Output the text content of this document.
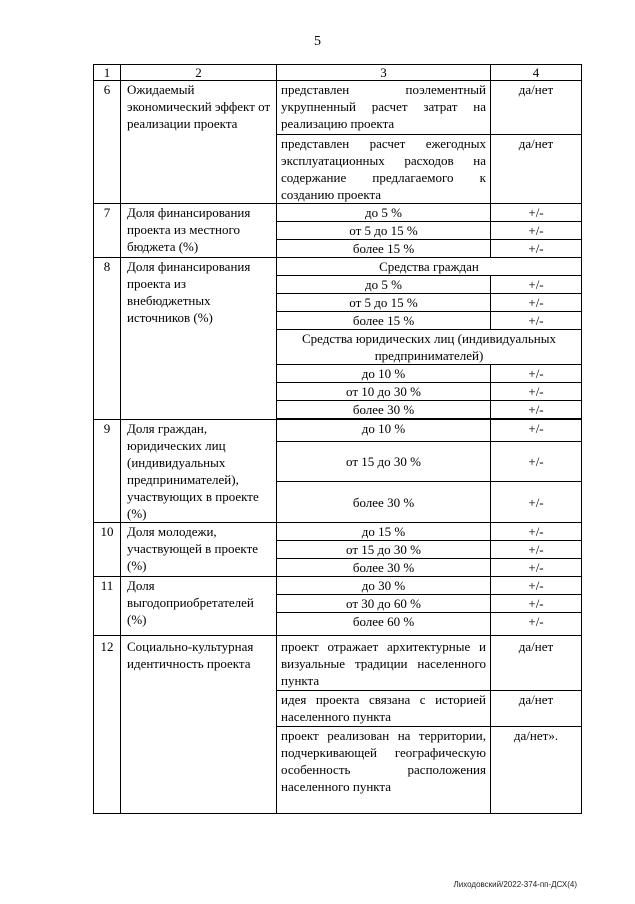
5
1	2	3	4
6	Ожидаемый экономический эффект от реализации проекта	представлен поэлементный укрупненный расчет затрат на реализацию проекта	да/нет
		представлен расчет ежегодных эксплуатационных расходов на содержание предлагаемого к созданию проекта	да/нет
7	Доля финансирования проекта из местного бюджета (%)	до 5 %	+/-
		от 5 до 15 %	+/-
		более 15 %	+/-
8	Доля финансирования проекта из внебюджетных источников (%)	Средства граждан	
		до 5 %	+/-
		от 5 до 15 %	+/-
		более 15 %	+/-
		Средства юридических лиц (индивидуальных предпринимателей)	
		до 10 %	+/-
		от 10 до 30 %	+/-
		более 30 %	+/-

9	Доля граждан, юридических лиц (индивидуальных предпринимателей), участвующих в проекте (%)	до 10 %	+/-
		от 15 до 30 %	+/-
		более 30 %	+/-
10	Доля молодежи, участвующей в проекте (%)	до 15 %	+/-
		от 15 до 30 %	+/-
		более 30 %	+/-
11	Доля выгодоприобретателей (%)	до 30 %	+/-
		от 30 до 60 %	+/-
		более 60 %	+/-
12	Социально-культурная идентичность проекта	проект отражает архитектурные и визуальные традиции населенного пункта	да/нет
		идея проекта связана с историей населенного пункта	да/нет
		проект реализован на территории, подчеркивающей географическую особенность расположения населенного пункта	да/нет».
Лиходовский/2022-374-пп-ДСХ(4)
